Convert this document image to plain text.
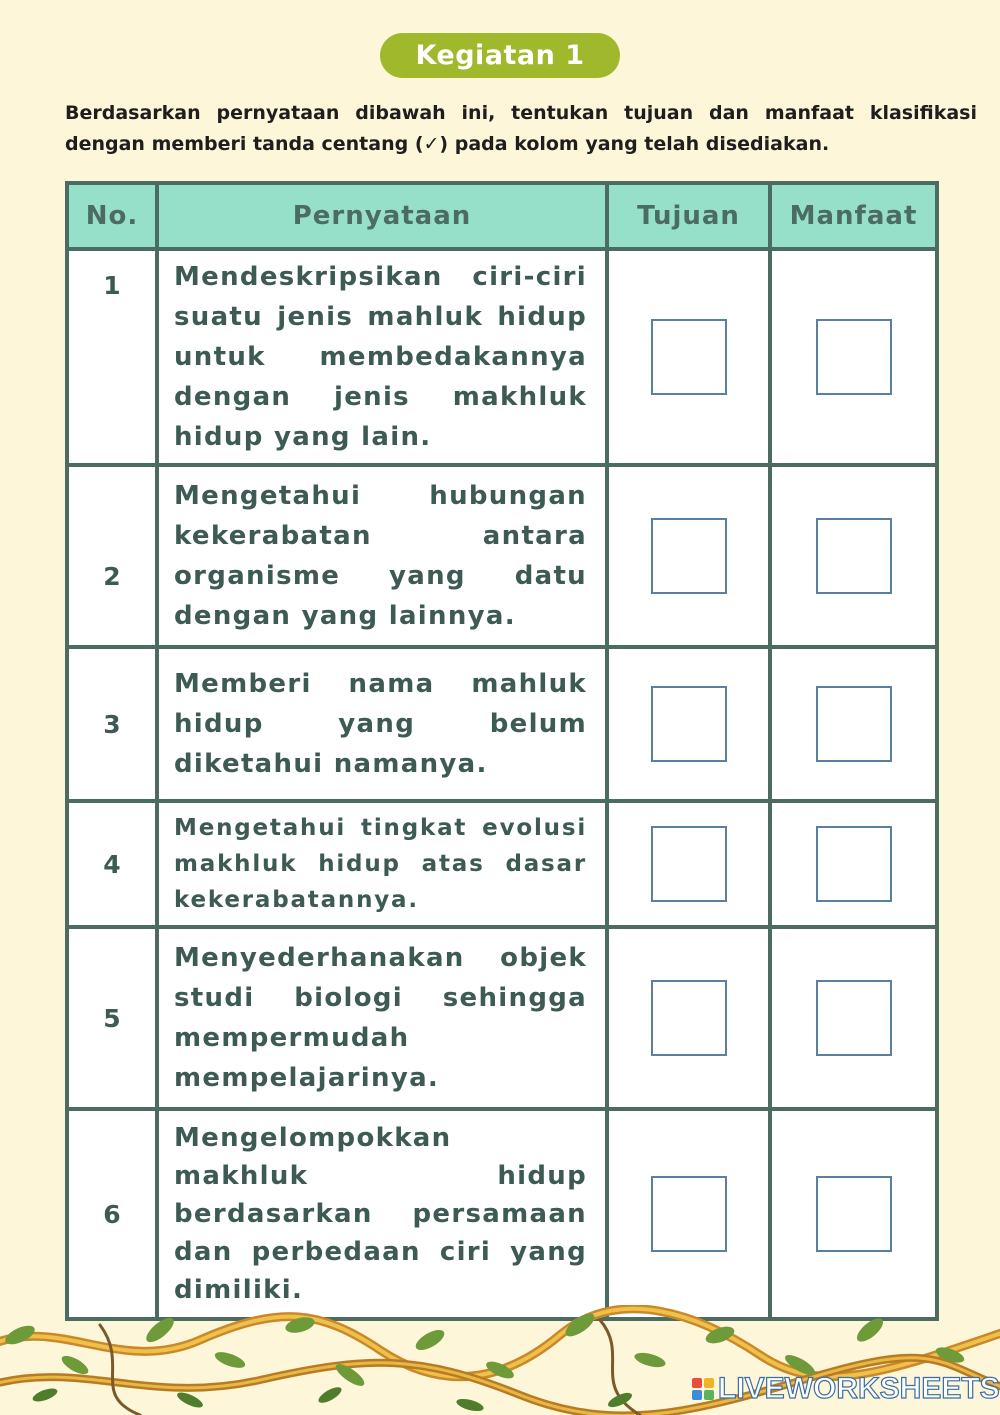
Kegiatan 1
Berdasarkan pernyataan dibawah ini, tentukan tujuan dan manfaat klasifikasi dengan memberi tanda centang (✓) pada kolom yang telah disediakan.
No.	Pernyataan	Tujuan	Manfaat
1	Mendeskripsikan ciri-ciri suatu jenis mahluk hidup untuk membedakannya dengan jenis makhluk hidup yang lain.		
2	Mengetahui hubungan kekerabatan antara organisme yang datu dengan yang lainnya.		
3	Memberi nama mahluk hidup yang belum diketahui namanya.		
4	Mengetahui tingkat evolusi makhluk hidup atas dasar kekerabatannya.		
5	Menyederhanakan objek studi biologi sehingga mempermudah mempelajarinya.		
6	Mengelompokkan makhluk hidup berdasarkan persamaan dan perbedaan ciri yang dimiliki.		
LIVEWORKSHEETS
